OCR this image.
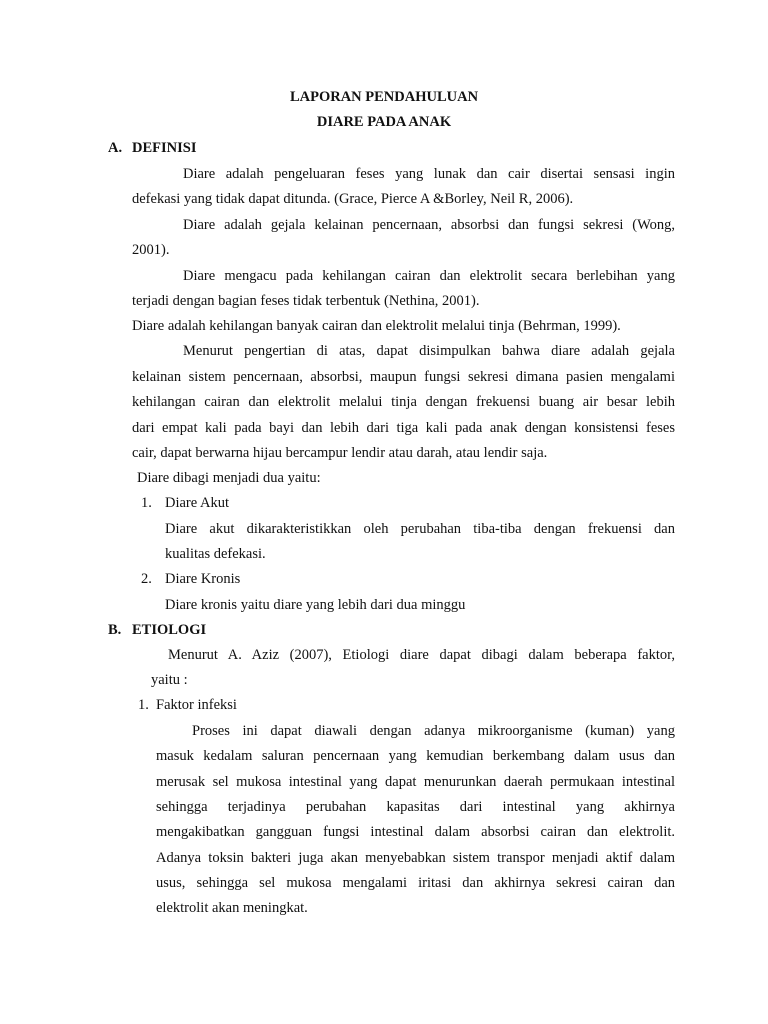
LAPORAN PENDAHULUAN
DIARE PADA ANAK
A. DEFINISI
Diare adalah pengeluaran feses yang lunak dan cair disertai sensasi ingin
defekasi yang tidak dapat ditunda. (Grace, Pierce A &Borley, Neil R, 2006).
Diare adalah gejala kelainan pencernaan, absorbsi dan fungsi sekresi (Wong,
2001).
Diare mengacu pada kehilangan cairan dan elektrolit secara berlebihan yang
terjadi dengan bagian feses tidak terbentuk (Nethina, 2001).
Diare adalah kehilangan banyak cairan dan elektrolit melalui tinja (Behrman, 1999).
Menurut pengertian di atas, dapat disimpulkan bahwa diare adalah gejala
kelainan sistem pencernaan, absorbsi, maupun fungsi sekresi dimana pasien mengalami
kehilangan cairan dan elektrolit melalui tinja dengan frekuensi buang air besar lebih
dari empat kali pada bayi dan lebih dari tiga kali pada anak dengan konsistensi feses
cair, dapat berwarna hijau bercampur lendir atau darah, atau lendir saja.
Diare dibagi menjadi dua yaitu:
1. Diare Akut
Diare akut dikarakteristikkan oleh perubahan tiba-tiba dengan frekuensi dan
kualitas defekasi.
2. Diare Kronis
Diare kronis yaitu diare yang lebih dari dua minggu
B. ETIOLOGI
Menurut A. Aziz (2007), Etiologi diare dapat dibagi dalam beberapa faktor,
yaitu :
1. Faktor infeksi
Proses ini dapat diawali dengan adanya mikroorganisme (kuman) yang
masuk kedalam saluran pencernaan yang kemudian berkembang dalam usus dan
merusak sel mukosa intestinal yang dapat menurunkan daerah permukaan intestinal
sehingga terjadinya perubahan kapasitas dari intestinal yang akhirnya
mengakibatkan gangguan fungsi intestinal dalam absorbsi cairan dan elektrolit.
Adanya toksin bakteri juga akan menyebabkan sistem transpor menjadi aktif dalam
usus, sehingga sel mukosa mengalami iritasi dan akhirnya sekresi cairan dan
elektrolit akan meningkat.
